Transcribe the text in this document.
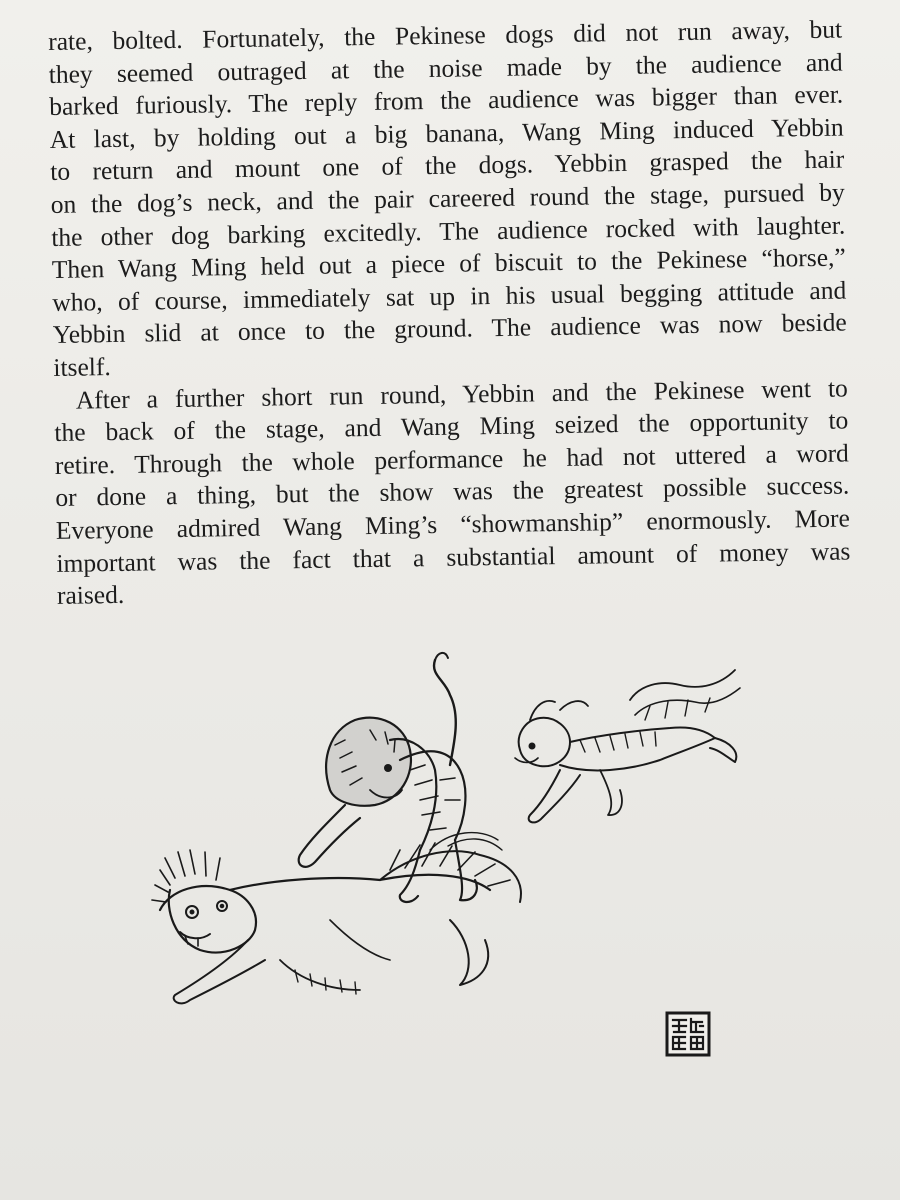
rate, bolted. Fortunately, the Pekinese dogs did not run away, but
they seemed outraged at the noise made by the audience and
barked furiously. The reply from the audience was bigger than ever.
At last, by holding out a big banana, Wang Ming induced Yebbin
to return and mount one of the dogs. Yebbin grasped the hair
on the dog’s neck, and the pair careered round the stage, pursued by
the other dog barking excitedly. The audience rocked with laughter.
Then Wang Ming held out a piece of biscuit to the Pekinese “horse,”
who, of course, immediately sat up in his usual begging attitude and
Yebbin slid at once to the ground. The audience was now beside
itself.
After a further short run round, Yebbin and the Pekinese went to
the back of the stage, and Wang Ming seized the opportunity to
retire. Through the whole performance he had not uttered a word
or done a thing, but the show was the greatest possible success.
Everyone admired Wang Ming’s “showmanship” enormously. More
important was the fact that a substantial amount of money was
raised.
